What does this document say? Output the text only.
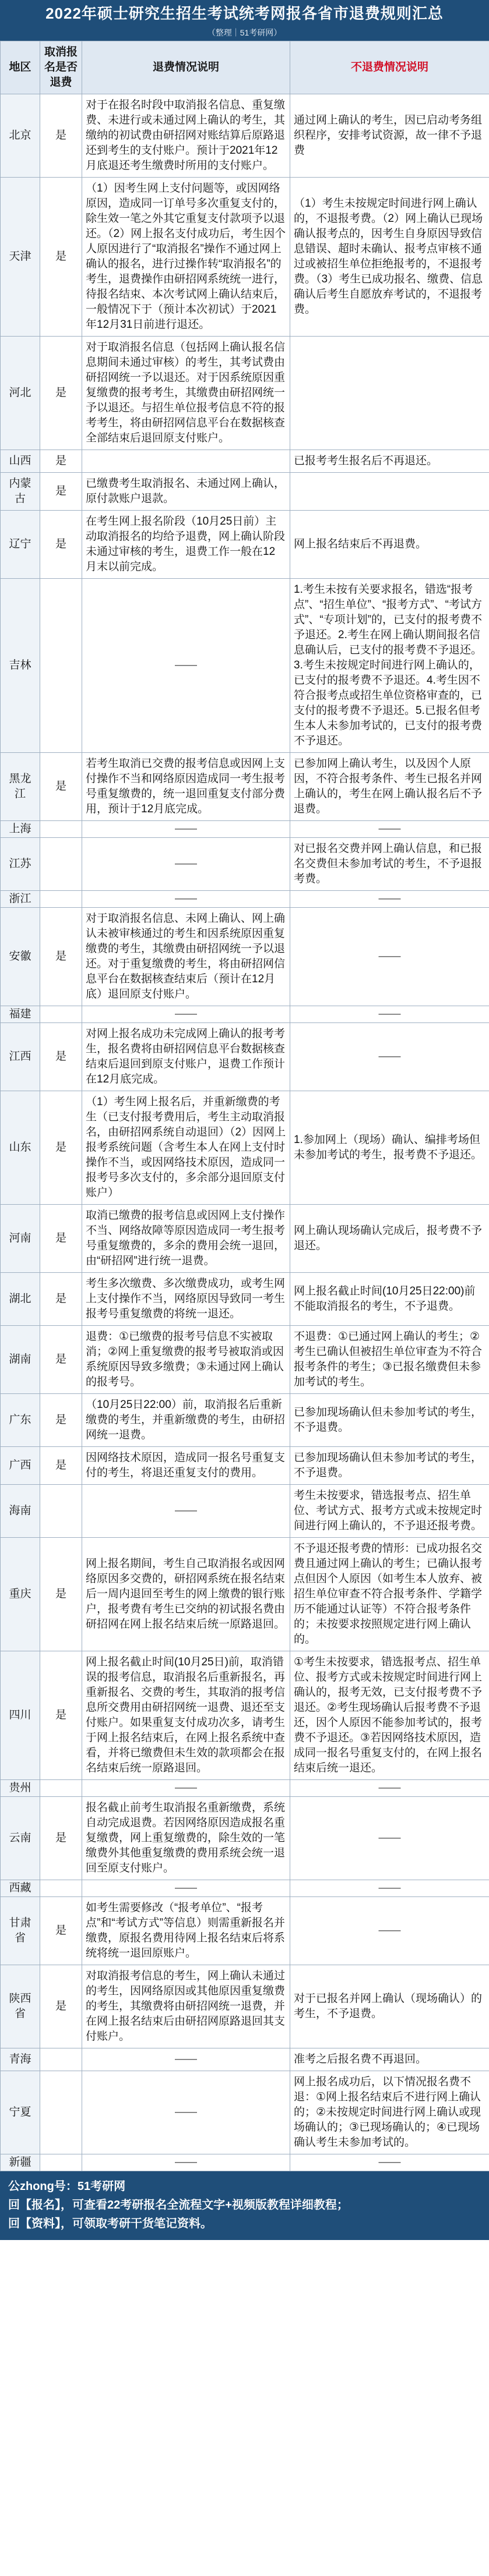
2022年硕士研究生招生考试统考网报各省市退费规则汇总
（整理｜51考研网）
地区	取消报名是否退费	退费情况说明	不退费情况说明
北京	是	对于在报名时段中取消报名信息、重复缴费、未进行或未通过网上确认的考生，其缴纳的初试费由研招网对账结算后原路退还到考生的支付账户。预计于2021年12月底退还考生缴费时所用的支付账户。	通过网上确认的考生，因已启动考务组织程序，安排考试资源，故一律不予退费
天津	是	（1）因考生网上支付问题等，或因网络原因，造成同一订单号多次重复支付的，除生效一笔之外其它重复支付款项予以退还。（2）网上报名支付成功后，考生因个人原因进行了“取消报名”操作不通过网上确认的报名，进行过操作转“取消报名”的考生，退费操作由研招网系统统一进行，待报名结束、本次考试网上确认结束后，一般情况下于（预计本次初试）于2021年12月31日前进行退还。	（1）考生未按规定时间进行网上确认的，不退报考费。（2）网上确认已现场确认报考点的，因考生自身原因导致信息错误、超时未确认、报考点审核不通过或被招生单位拒绝报考的，不退报考费。（3）考生已成功报名、缴费、信息确认后考生自愿放弃考试的，不退报考费。
河北	是	对于取消报名信息（包括网上确认报名信息期间未通过审核）的考生，其考试费由研招网统一予以退还。对于因系统原因重复缴费的报考考生，其缴费由研招网统一予以退还。与招生单位报考信息不符的报考考生，将由研招网信息平台在数据核查全部结束后退回原支付账户。	
山西	是		已报考考生报名后不再退还。
内蒙古	是	已缴费考生取消报名、未通过网上确认，原付款账户退款。	
辽宁	是	在考生网上报名阶段（10月25日前）主动取消报名的均给予退费，网上确认阶段未通过审核的考生，退费工作一般在12月末以前完成。	网上报名结束后不再退费。
吉林		——	1.考生未按有关要求报名，错选“报考点”、“招生单位”、“报考方式”、“考试方式”、“专项计划”的，已支付的报考费不予退还。2.考生在网上确认期间报名信息确认后，已支付的报考费不予退还。3.考生未按规定时间进行网上确认的，已支付的报考费不予退还。4.考生因不符合报考点或招生单位资格审查的，已支付的报考费不予退还。5.已报名但考生本人未参加考试的，已支付的报考费不予退还。
黑龙江	是	若考生取消已交费的报考信息或因网上支付操作不当和网络原因造成同一考生报考号重复缴费的，统一退回重复支付部分费用，预计于12月底完成。	已参加网上确认考生，以及因个人原因，不符合报考条件、考生已报名并网上确认的，考生在网上确认报名后不予退费。
上海		——	——
江苏		——	对已报名交费并网上确认信息，和已报名交费但未参加考试的考生，不予退报考费。
浙江		——	——
安徽	是	对于取消报名信息、未网上确认、网上确认未被审核通过的考生和因系统原因重复缴费的考生，其缴费由研招网统一予以退还。对于重复缴费的考生，将由研招网信息平台在数据核查结束后（预计在12月底）退回原支付账户。	——
福建		——	——
江西	是	对网上报名成功未完成网上确认的报考考生，报名费将由研招网信息平台数据核查结束后退回到原支付账户，退费工作预计在12月底完成。	——
山东	是	（1）考生网上报名后，并重新缴费的考生（已支付报考费用后，考生主动取消报名，由研招网系统自动退回）（2）因网上报考系统问题（含考生本人在网上支付时操作不当，或因网络技术原因，造成同一报考号多次支付的，多余部分退回原支付账户）	1.参加网上（现场）确认、编排考场但未参加考试的考生，报考费不予退还。
河南	是	取消已缴费的报考信息或因网上支付操作不当、网络故障等原因造成同一考生报考号重复缴费的，多余的费用会统一退回，由“研招网”进行统一退费。	网上确认现场确认完成后，报考费不予退还。
湖北	是	考生多次缴费、多次缴费成功，或考生网上支付操作不当，网络原因导致同一考生报考号重复缴费的将统一退还。	网上报名截止时间(10月25日22:00)前不能取消报名的考生，不予退费。
湖南	是	退费：①已缴费的报考号信息不实被取消；②网上重复缴费的报考号被取消或因系统原因导致多缴费；③未通过网上确认的报考号。	不退费：①已通过网上确认的考生；②考生已确认但被招生单位审查为不符合报考条件的考生；③已报名缴费但未参加考试的考生。
广东	是	（10月25日22:00）前，取消报名后重新缴费的考生，并重新缴费的考生，由研招网统一退费。	已参加现场确认但未参加考试的考生，不予退费。
广西	是	因网络技术原因，造成同一报名号重复支付的考生，将退还重复支付的费用。	已参加现场确认但未参加考试的考生，不予退费。
海南		——	考生未按要求，错选报考点、招生单位、考试方式、报考方式或未按规定时间进行网上确认的，不予退还报考费。
重庆	是	网上报名期间，考生自己取消报名或因网络原因多交费的，研招网系统在报名结束后一周内退回至考生的网上缴费的银行账户，报考费有考生已交纳的初试报名费由研招网在网上报名结束后统一原路退回。	不予退还报考费的情形：已成功报名交费且通过网上确认的考生；已确认报考点但因个人原因（如考生本人放弃、被招生单位审查不符合报考条件、学籍学历不能通过认证等）不符合报考条件的；未按要求按照规定进行网上确认的。
四川	是	网上报名截止时间(10月25日)前，取消错误的报考信息，取消报名后重新报名，再重新报名、交费的考生，其取消的报考信息所交费用由研招网统一退费、退还至支付账户。如果重复支付成功次多，请考生于网上报名结束后，在网上报名系统中查看，并将已缴费但未生效的款项都会在报名结束后统一原路退回。	①考生未按要求，错选报考点、招生单位、报考方式或未按规定时间进行网上确认的，报考无效，已支付报考费不予退还。②考生现场确认后报考费不予退还，因个人原因不能参加考试的，报考费不予退还。③若因网络技术原因，造成同一报名号重复支付的，在网上报名结束后统一退还。
贵州		——	——
云南	是	报名截止前考生取消报名重新缴费，系统自动完成退费。若因网络原因造成报名重复缴费，网上重复缴费的，除生效的一笔缴费外其他重复缴费的费用系统会统一退回至原支付账户。	——
西藏		——	——
甘肃省	是	如考生需要修改（“报考单位”、“报考点”和“考试方式”等信息）则需重新报名并缴费，原报名费用待网上报名结束后将系统将统一退回原账户。	——
陕西省	是	对取消报考信息的考生，网上确认未通过的考生，因网络原因或其他原因重复缴费的考生，其缴费将由研招网统一退费，并在网上报名结束后由研招网原路退回其支付账户。	对于已报名并网上确认（现场确认）的考生，不予退费。
青海		——	准考之后报名费不再退回。
宁夏		——	网上报名成功后，以下情况报名费不退：①网上报名结束后不进行网上确认的；②未按规定时间进行网上确认或现场确认的；③已现场确认的；④已现场确认考生未参加考试的。
新疆		——	——
公zhong号：51考研网
回【报名】，可查看22考研报名全流程文字+视频版教程详细教程；
回【资料】，可领取考研干货笔记资料。
头条 @51考研网
